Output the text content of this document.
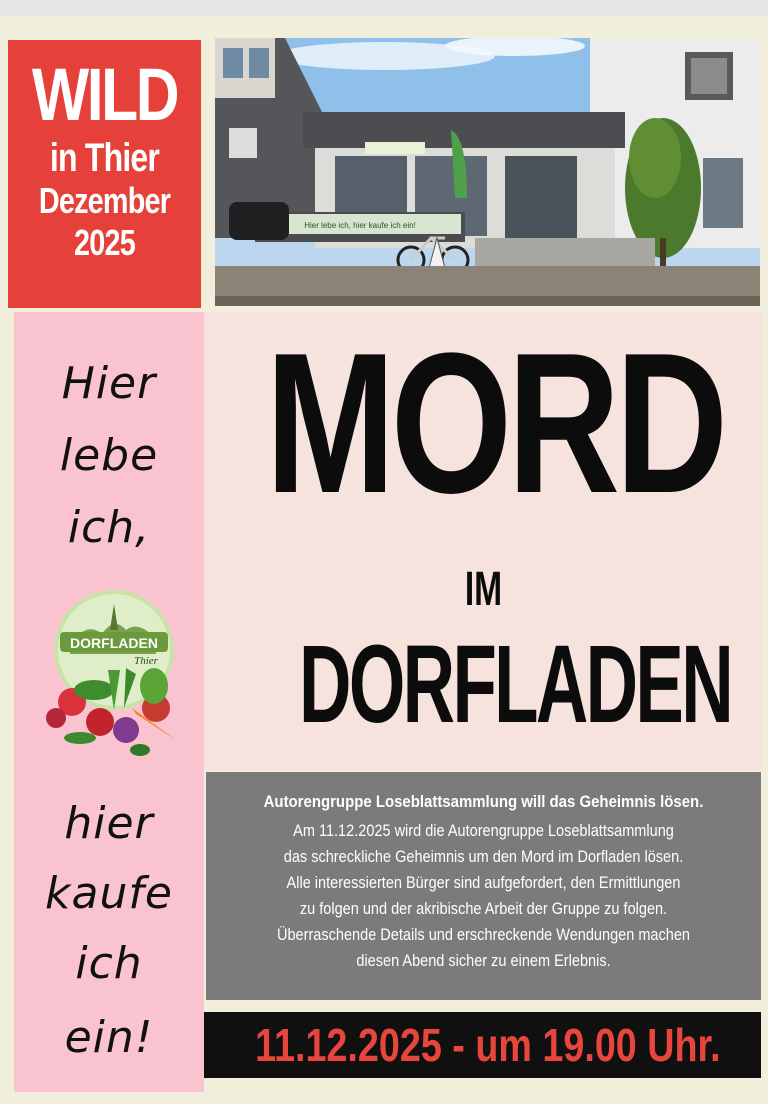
WILD
in Thier
Dezember
2025	Hier lebe ich, hier kaufe ich ein!
Hier
lebe
ich,
DORFLADEN
Thier
hier
kaufe
ich
ein!
MORD
IM
DORFLADEN
Autorengruppe Loseblattsammlung will das Geheimnis lösen.
Am 11.12.2025 wird die Autorengruppe Loseblattsammlung
das schreckliche Geheimnis um den Mord im Dorfladen lösen.
Alle interessierten Bürger sind aufgefordert, den Ermittlungen
zu folgen und der akribische Arbeit der Gruppe zu folgen.
Überraschende Details und erschreckende Wendungen machen
diesen Abend sicher zu einem Erlebnis.
11.12.2025 - um 19.00 Uhr.
